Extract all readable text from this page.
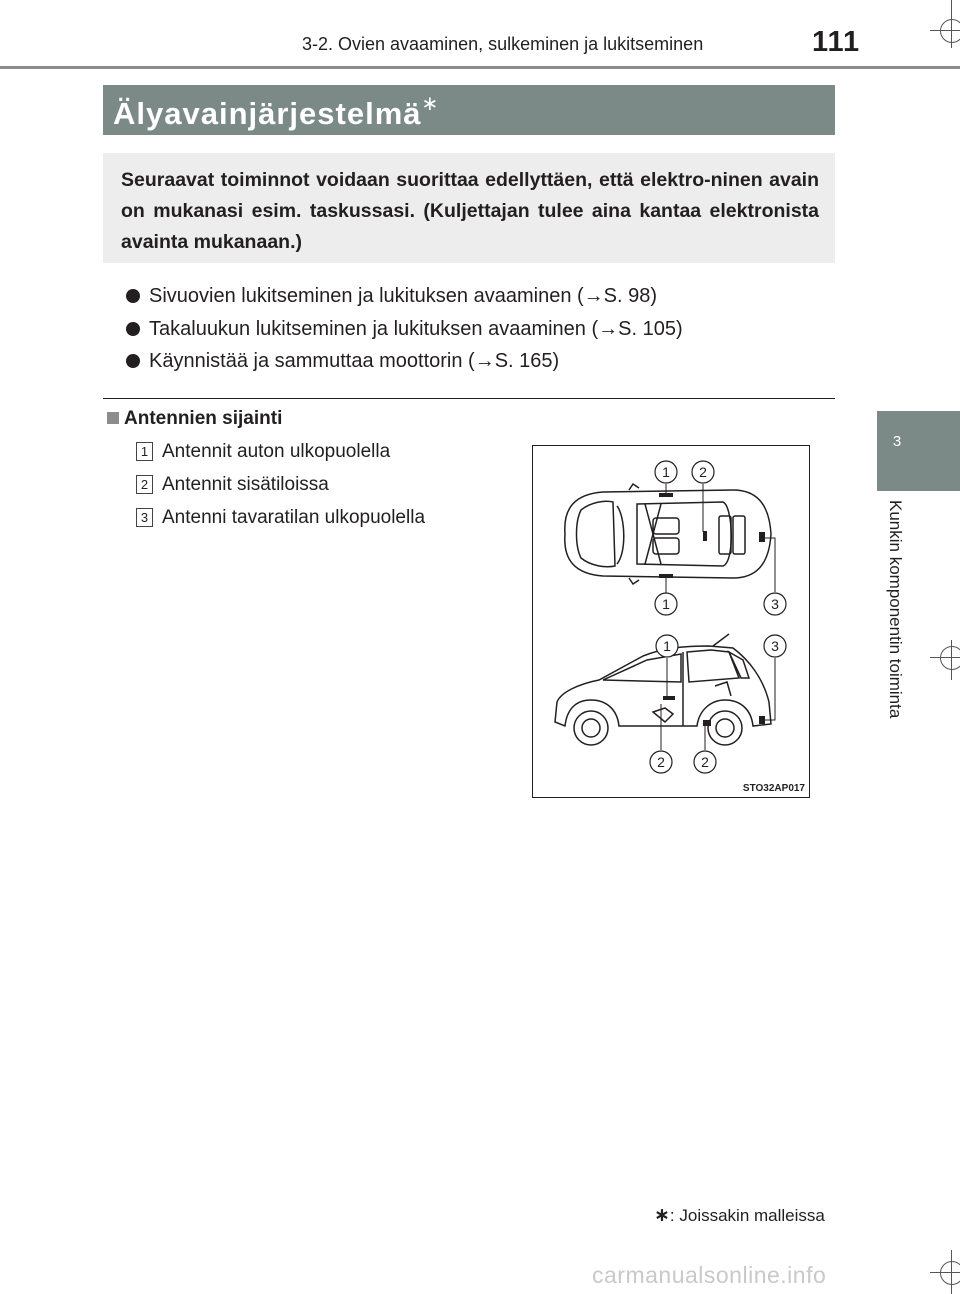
3-2. Ovien avaaminen, sulkeminen ja lukitseminen	111
Älyavainjärjestelmä∗
Seuraavat toiminnot voidaan suorittaa edellyttäen, että elektro-ninen avain on mukanasi esim. taskussasi. (Kuljettajan tulee aina kantaa elektronista avainta mukanaan.)
Sivuovien lukitseminen ja lukituksen avaaminen (→S. 98)
Takaluukun lukitseminen ja lukituksen avaaminen (→S. 105)
Käynnistää ja sammuttaa moottorin (→S. 165)
Antennien sijainti
1 Antennit auton ulkopuolella
2 Antennit sisätiloissa
3 Antenni tavaratilan ulkopuolella
1 2
1	3
1	3
2	2
STO32AP017
3
Kunkin komponentin toiminta
∗: Joissakin malleissa
carmanualsonline.info
